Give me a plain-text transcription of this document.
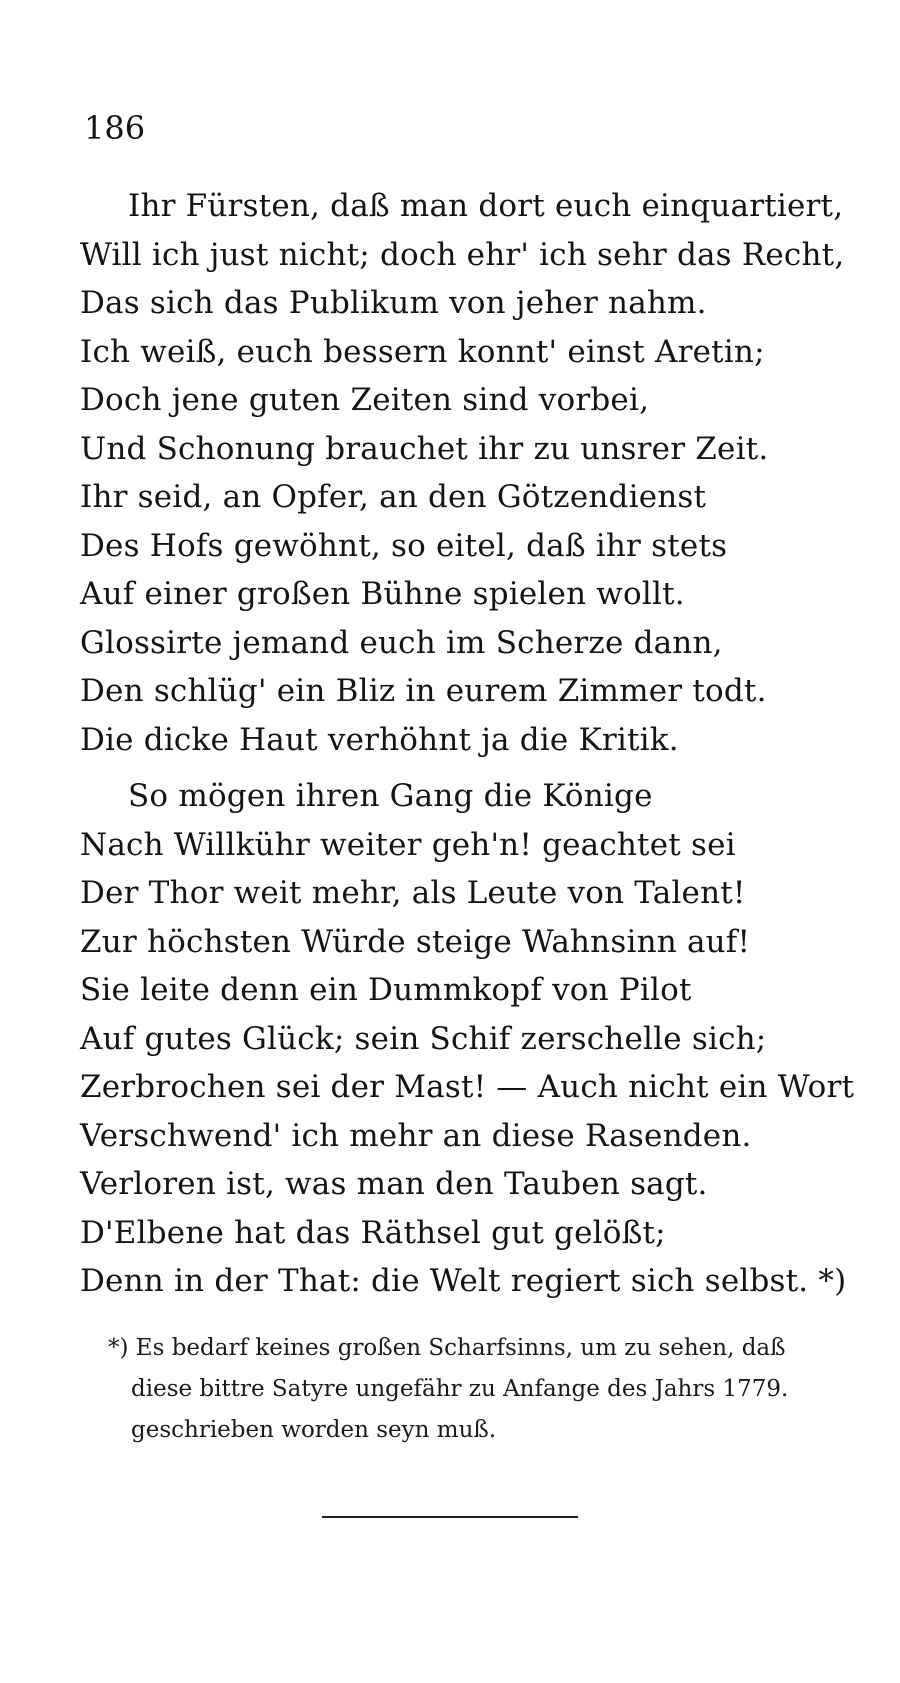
186
Ihr Fürsten, daß man dort euch einquartiert,
Will ich just nicht; doch ehr' ich sehr das Recht,
Das sich das Publikum von jeher nahm.
Ich weiß, euch bessern konnt' einst Aretin;
Doch jene guten Zeiten sind vorbei,
Und Schonung brauchet ihr zu unsrer Zeit.
Ihr seid, an Opfer, an den Götzendienst
Des Hofs gewöhnt, so eitel, daß ihr stets
Auf einer großen Bühne spielen wollt.
Glossirte jemand euch im Scherze dann,
Den schlüg' ein Bliz in eurem Zimmer todt.
Die dicke Haut verhöhnt ja die Kritik.
So mögen ihren Gang die Könige
Nach Willkühr weiter geh'n! geachtet sei
Der Thor weit mehr, als Leute von Talent!
Zur höchsten Würde steige Wahnsinn auf!
Sie leite denn ein Dummkopf von Pilot
Auf gutes Glück; sein Schif zerschelle sich;
Zerbrochen sei der Mast! — Auch nicht ein Wort
Verschwend' ich mehr an diese Rasenden.
Verloren ist, was man den Tauben sagt.
D'Elbene hat das Räthsel gut gelößt;
Denn in der That: die Welt regiert sich selbst. *)
*) Es bedarf keines großen Scharfsinns, um zu sehen, daß
diese bittre Satyre ungefähr zu Anfange des Jahrs 1779.
geschrieben worden seyn muß.
